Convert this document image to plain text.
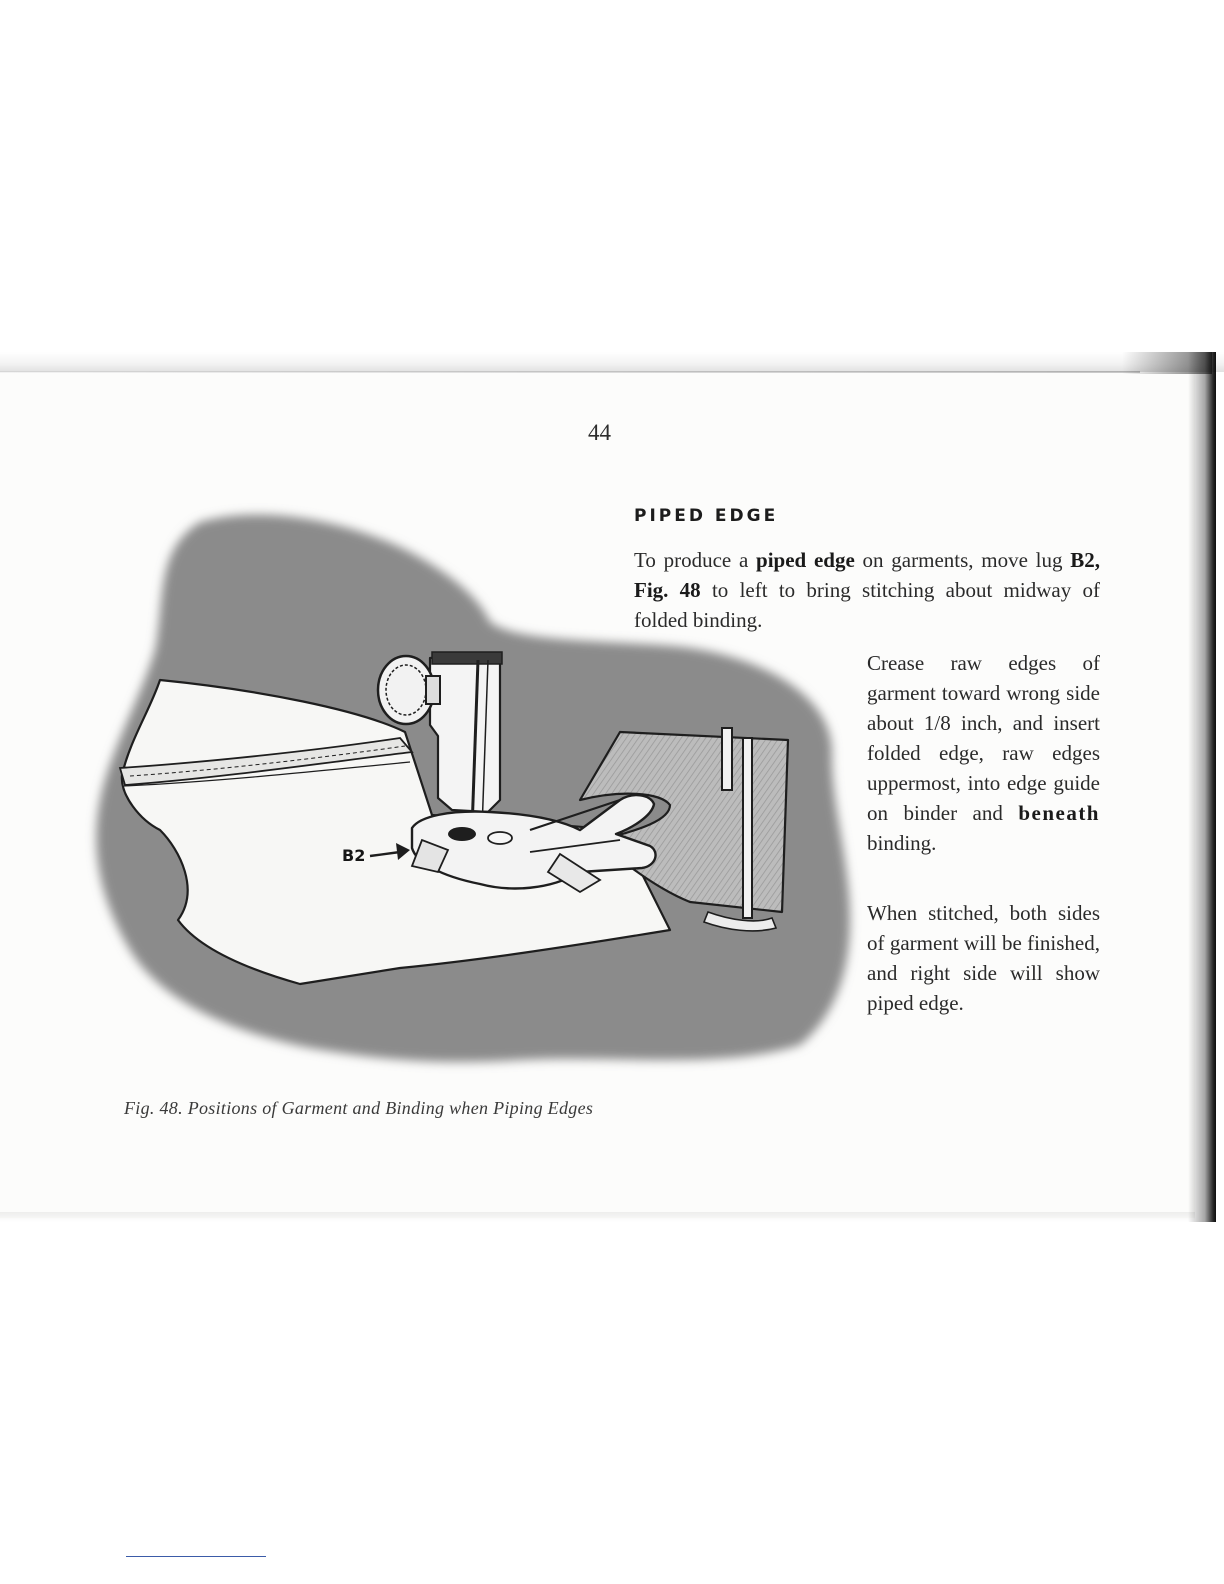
44
PIPED EDGE

To produce a piped edge on garments, move lug B2, Fig. 48 to left to bring stitching about midway of folded binding.

Crease raw edges of garment toward wrong side about 1/8 inch, and insert folded edge, raw edges uppermost, into edge guide on binder and beneath binding.

When stitched, both sides of garment will be finished, and right side will show piped edge.

B2
Fig. 48. Positions of Garment and Binding when Piping Edges
